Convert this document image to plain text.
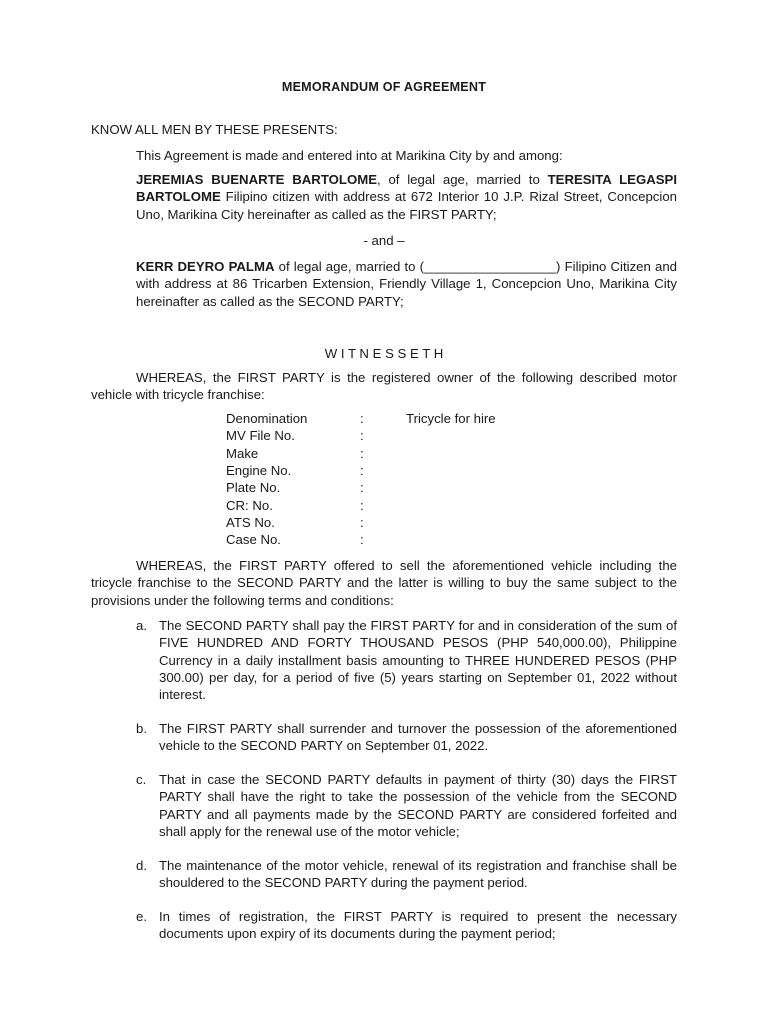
MEMORANDUM OF AGREEMENT
KNOW ALL MEN BY THESE PRESENTS:
This Agreement is made and entered into at Marikina City by and among:

JEREMIAS BUENARTE BARTOLOME, of legal age, married to TERESITA LEGASPI BARTOLOME Filipino citizen with address at 672 Interior 10 J.P. Rizal Street, Concepcion Uno, Marikina City hereinafter as called as the FIRST PARTY;

- and –

KERR DEYRO PALMA of legal age, married to (__________________) Filipino Citizen and with address at 86 Tricarben Extension, Friendly Village 1, Concepcion Uno, Marikina City hereinafter as called as the SECOND PARTY;

W I T N E S S E T H
WHEREAS, the FIRST PARTY is the registered owner of the following described motor vehicle with tricycle franchise:
Denomination	:	Tricycle for hire
MV File No.	:
Make	:
Engine No.	:
Plate No.	:
CR: No.	:
ATS No.	:
Case No.	:
WHEREAS, the FIRST PARTY offered to sell the aforementioned vehicle including the tricycle franchise to the SECOND PARTY and the latter is willing to buy the same subject to the provisions under the following terms and conditions:
a. The SECOND PARTY shall pay the FIRST PARTY for and in consideration of the sum of FIVE HUNDRED AND FORTY THOUSAND PESOS (PHP 540,000.00), Philippine Currency in a daily installment basis amounting to THREE HUNDERED PESOS (PHP 300.00) per day, for a period of five (5) years starting on September 01, 2022 without interest.
b. The FIRST PARTY shall surrender and turnover the possession of the aforementioned vehicle to the SECOND PARTY on September 01, 2022.
c. That in case the SECOND PARTY defaults in payment of thirty (30) days the FIRST PARTY shall have the right to take the possession of the vehicle from the SECOND PARTY and all payments made by the SECOND PARTY are considered forfeited and shall apply for the renewal use of the motor vehicle;
d. The maintenance of the motor vehicle, renewal of its registration and franchise shall be shouldered to the SECOND PARTY during the payment period.
e. In times of registration, the FIRST PARTY is required to present the necessary documents upon expiry of its documents during the payment period;
